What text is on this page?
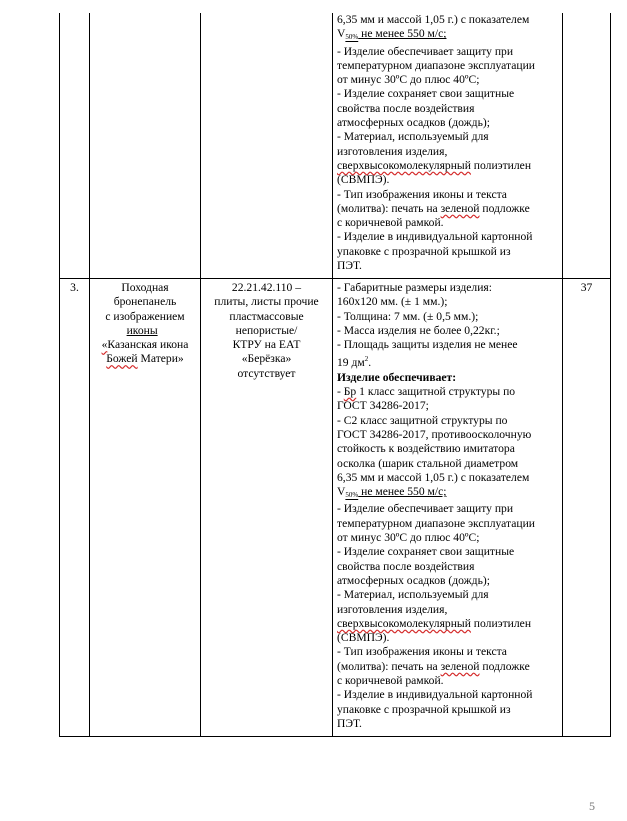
6,35 мм и массой 1,05 г.) с показателем
$V_{50\%}$ не менее 550 м/с;
- Изделие обеспечивает защиту при
температурном диапазоне эксплуатации
от минус 30ºС до плюс 40ºС;
- Изделие сохраняет свои защитные
свойства после воздействия
атмосферных осадков (дождь);
- Материал, используемый для
изготовления изделия,
сверхвысокомолекулярный полиэтилен
(СВМПЭ).
- Тип изображения иконы и текста
(молитва): печать на зеленой подложке
с коричневой рамкой.
- Изделие в индивидуальной картонной
упаковке с прозрачной крышкой из
ПЭТ.
3.	Походная
бронепанель
с изображением
иконы
«Казанская икона
Божей Матери»
22.21.42.110 –
плиты, листы прочие
пластмассовые
непористые/
КТРУ на ЕАТ
«Берёзка»
отсутствует
- Габаритные размеры изделия:
160х120 мм. (± 1 мм.);
- Толщина: 7 мм. (± 0,5 мм.);
- Масса изделия не более 0,22кг.;
- Площадь защиты изделия не менее
19 $дм^2$.
Изделие обеспечивает:
- Бр 1 класс защитной структуры по
ГОСТ 34286-2017;
- С2 класс защитной структуры по
ГОСТ 34286-2017, противоосколочную
стойкость к воздействию имитатора
осколка (шарик стальной диаметром
6,35 мм и массой 1,05 г.) с показателем
$V_{50\%}$ не менее 550 м/с;
- Изделие обеспечивает защиту при
температурном диапазоне эксплуатации
от минус 30ºС до плюс 40ºС;
- Изделие сохраняет свои защитные
свойства после воздействия
атмосферных осадков (дождь);
- Материал, используемый для
изготовления изделия,
сверхвысокомолекулярный полиэтилен
(СВМПЭ).
- Тип изображения иконы и текста
(молитва): печать на зеленой подложке
с коричневой рамкой.
- Изделие в индивидуальной картонной
упаковке с прозрачной крышкой из
ПЭТ.
37
5
